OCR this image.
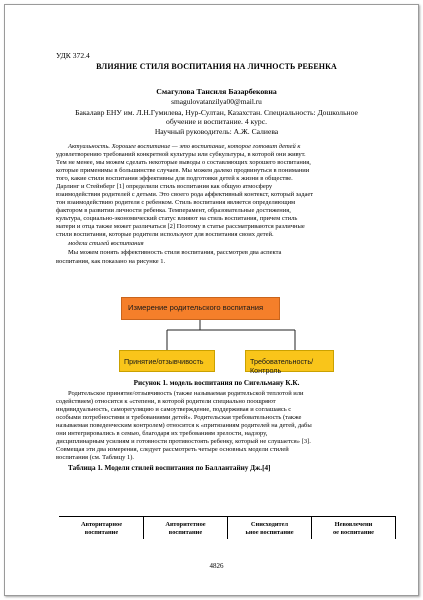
УДК 372.4
ВЛИЯНИЕ СТИЛЯ ВОСПИТАНИЯ НА ЛИЧНОСТЬ РЕБЕНКА
Смагулова Тансиля Базарбековна
smagulovatanzilya00@mail.ru
Бакалавр ЕНУ им. Л.Н.Гумилева, Нур-Султан, Казахстан. Специальность: Дошкольное
обучение и воспитание. 4 курс.
Научный руководитель: А.Ж. Салиева
Актуальность. Хорошее воспитание — это воспитание, которое готовит детей к
удовлетворению требований конкретной культуры или субкультуры, в которой они живут.
Тем не менее, мы можем сделать некоторые выводы о составляющих хорошего воспитания,
которые применимы в большинстве случаев. Мы можем далеко продвинуться в понимании
того, какие стили воспитания эффективны для подготовки детей к жизни в обществе.
Дарлинг и Стейнберг [1] определили стиль воспитания как общую атмосферу
взаимодействия родителей с детьми. Это своего рода аффективный контекст, который задает
тон взаимодействию родителя с ребенком. Стиль воспитания является определяющим
фактором в развитии личности ребенка. Темперамент, образовательные достижения,
культура, социально-экономический статус влияют на стиль воспитания, причем стиль
матери и отца также может различаться [2] Поэтому в статье рассматриваются различные
стили воспитания, которые родители используют для воспитания своих детей.
модели стилей воспитания
Мы можем понять эффективность стиля воспитания, рассмотрев два аспекта
воспитания, как показано на рисунке 1.
Измерение родительского воспитания
Принятие/отзывчивость	Требовательность/Контроль
Рисунок 1. модель воспитания по Сигельману К.К.
Родительское принятие/отзывчивость (также называемая родительской теплотой или
содействием) относится к «степени, в которой родители специально поощряют
индивидуальность, саморегуляцию и самоутверждение, поддерживая и соглашаясь с
особыми потребностями и требованиями детей». Родительская требовательность (также
называемая поведенческим контролем) относится к «притязаниям родителей на детей, дабы
они интегрировались в семью, благодаря их требованиям зрелости, надзору,
дисциплинарным усилиям и готовности противостоять ребенку, который не слушается» [3].
Совмещая эти два измерения, следует рассмотреть четыре основных модели стилей
воспитания (см. Таблицу 1).
Таблица 1. Модели стилей воспитания по Баллантайну Дж.[4]
Авторитарное
воспитание
Авторитетное
воспитание
Снисходител
ьное воспитание
Невовлечени
ое воспитание
4826
